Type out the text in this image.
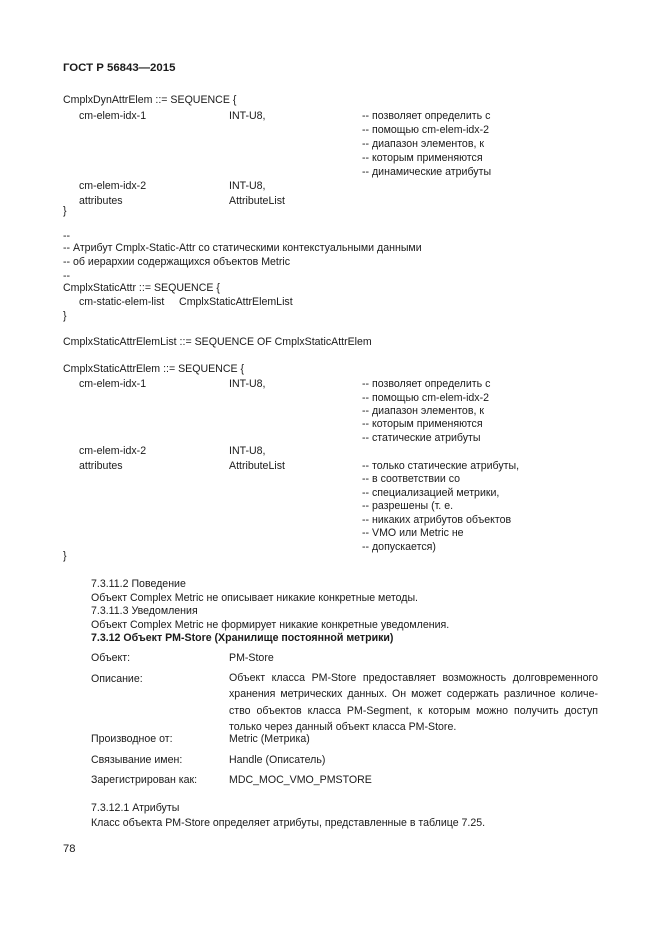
ГОСТ Р 56843—2015
CmplxDynAttrElem ::= SEQUENCE {
cm-elem-idx-1	INT-U8,	-- позволяет определить с
-- помощью cm-elem-idx-2
-- диапазон элементов, к
-- которым применяются
-- динамические атрибуты
cm-elem-idx-2	INT-U8,
attributes	AttributeList
}
--
-- Атрибут Cmplx-Static-Attr со статическими контекстуальными данными
-- об иерархии содержащихся объектов Metric
--
CmplxStaticAttr ::= SEQUENCE {
cm-static-elem-list     CmplxStaticAttrElemList
}
CmplxStaticAttrElemList ::= SEQUENCE OF CmplxStaticAttrElem
CmplxStaticAttrElem ::= SEQUENCE {
cm-elem-idx-1	INT-U8,	-- позволяет определить с
-- помощью cm-elem-idx-2
-- диапазон элементов, к
-- которым применяются
-- статические атрибуты
cm-elem-idx-2	INT-U8,
attributes	AttributeList	-- только статические атрибуты,
-- в соответствии со
-- специализацией метрики,
-- разрешены (т. е.
-- никаких атрибутов объектов
-- VMO или Metric не
-- допускается)
}
7.3.11.2 Поведение
Объект Complex Metric не описывает никакие конкретные методы.
7.3.11.3 Уведомления
Объект Complex Metric не формирует никакие конкретные уведомления.
7.3.12 Объект PM-Store (Хранилище постоянной метрики)
Объект:	PM-Store
Описание:	Объект класса PM-Store предоставляет возможность долговременного хранения метрических данных. Он может содержать различное количе-ство объектов класса PM-Segment, к которым можно получить доступ только через данный объект класса PM-Store.
Производное от:	Metric (Метрика)
Связывание имен:	Handle (Описатель)
Зарегистрирован как:	MDC_MOC_VMO_PMSTORE
7.3.12.1 Атрибуты
Класс объекта PM-Store определяет атрибуты, представленные в таблице 7.25.
78
